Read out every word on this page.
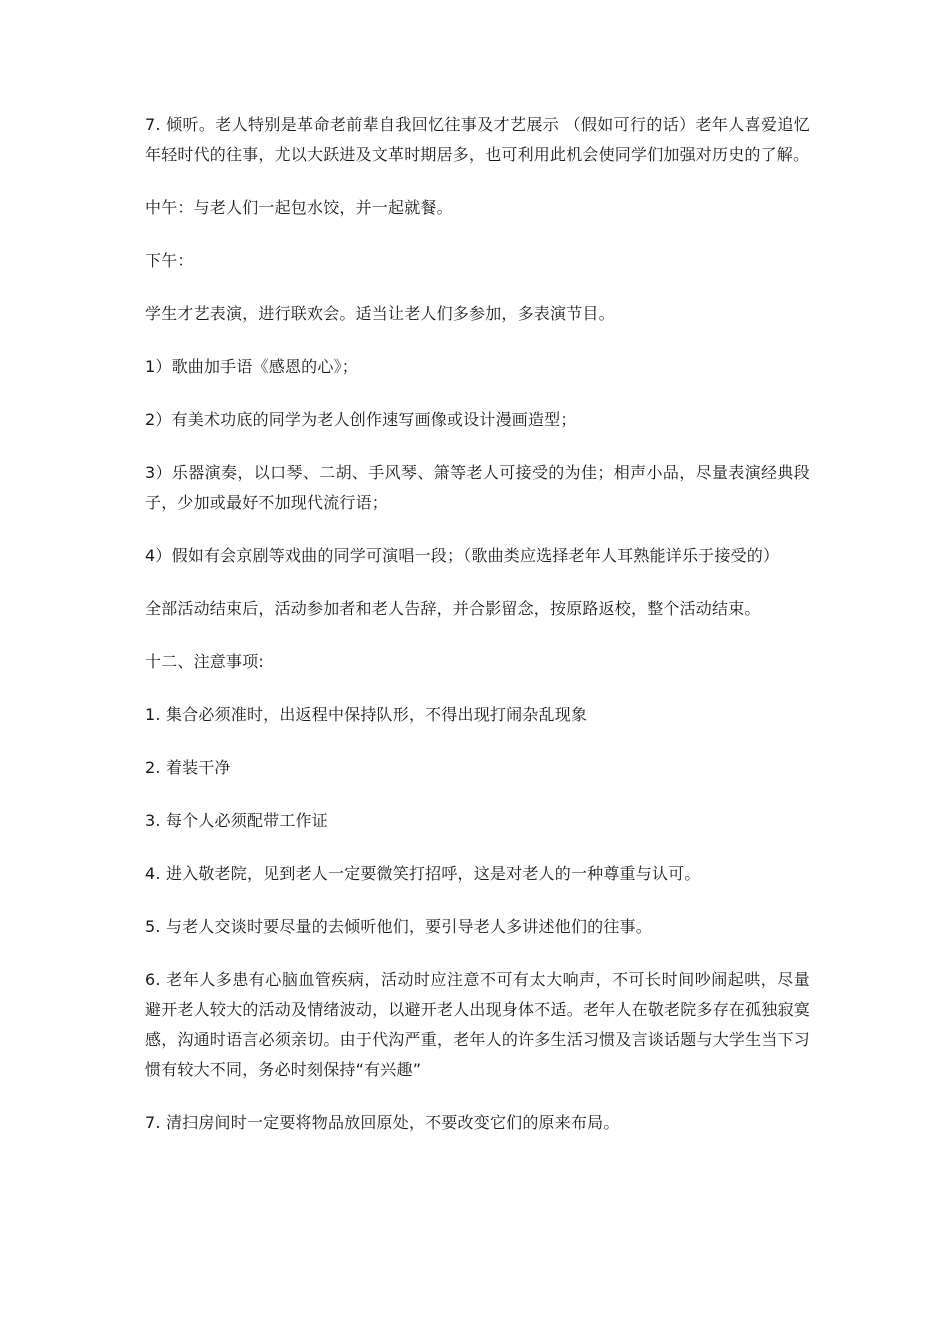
7. 倾听。老人特别是革命老前辈自我回忆往事及才艺展示 （假如可行的话）老年人喜爱追忆年轻时代的往事，尤以大跃进及文革时期居多，也可利用此机会使同学们加强对历史的了解。

中午：与老人们一起包水饺，并一起就餐。

下午：

学生才艺表演，进行联欢会。适当让老人们多参加，多表演节目。

1）歌曲加手语《感恩的心》；

2）有美术功底的同学为老人创作速写画像或设计漫画造型；

3）乐器演奏，以口琴、二胡、手风琴、箫等老人可接受的为佳；相声小品，尽量表演经典段子，少加或最好不加现代流行语；

4）假如有会京剧等戏曲的同学可演唱一段；（歌曲类应选择老年人耳熟能详乐于接受的）

全部活动结束后，活动参加者和老人告辞，并合影留念，按原路返校，整个活动结束。

十二、注意事项:

1. 集合必须准时，出返程中保持队形，不得出现打闹杂乱现象

2. 着装干净

3. 每个人必须配带工作证

4. 进入敬老院，见到老人一定要微笑打招呼，这是对老人的一种尊重与认可。

5. 与老人交谈时要尽量的去倾听他们，要引导老人多讲述他们的往事。

6. 老年人多患有心脑血管疾病，活动时应注意不可有太大响声，不可长时间吵闹起哄，尽量避开老人较大的活动及情绪波动，以避开老人出现身体不适。老年人在敬老院多存在孤独寂寞感，沟通时语言必须亲切。由于代沟严重，老年人的许多生活习惯及言谈话题与大学生当下习惯有较大不同，务必时刻保持“有兴趣”

7. 清扫房间时一定要将物品放回原处，不要改变它们的原来布局。
